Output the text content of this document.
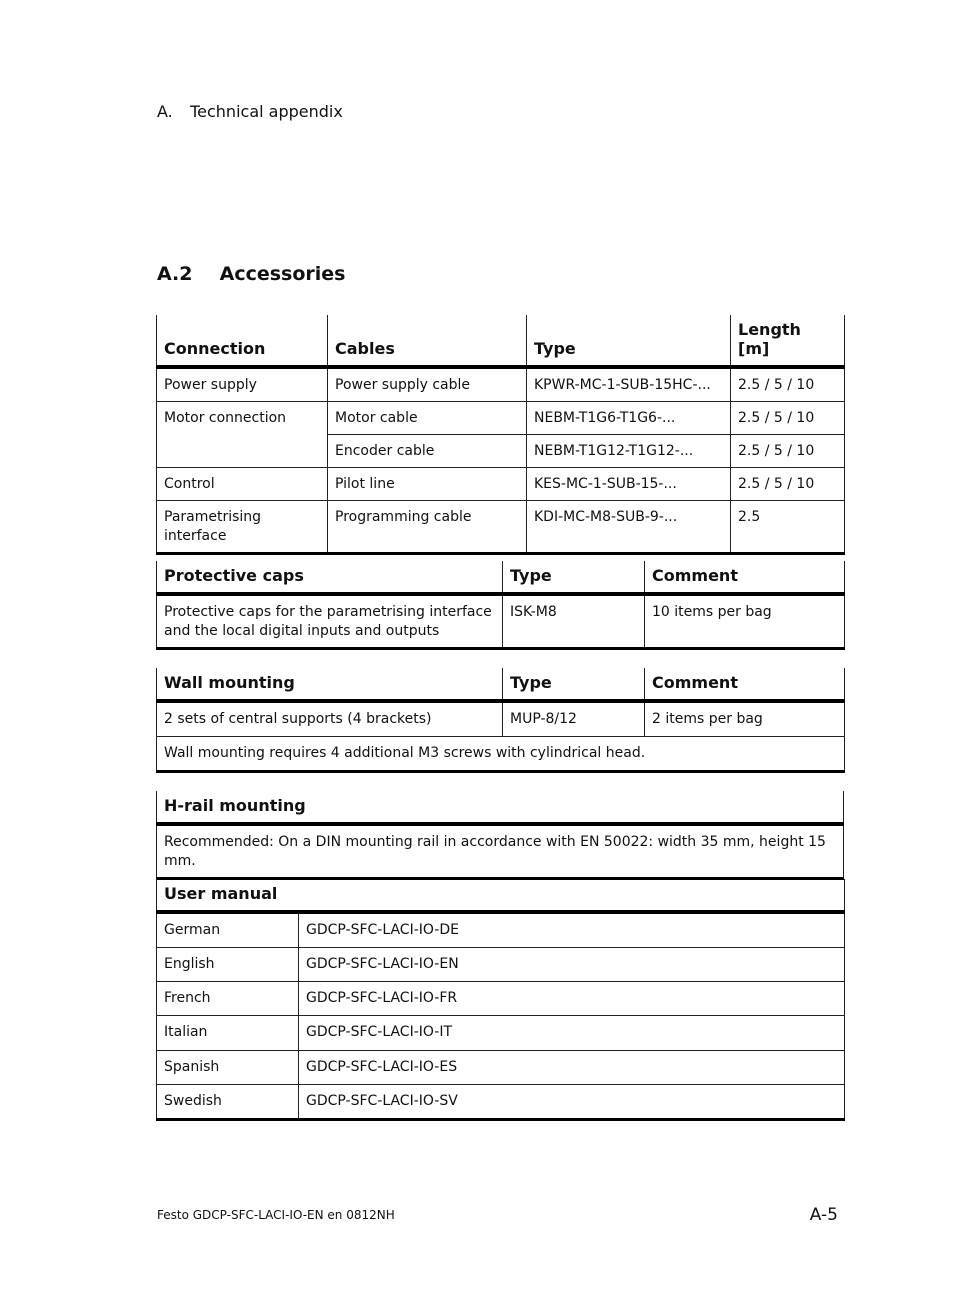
A. Technical appendix
A.2 Accessories
Connection	Cables	Type	Length [m]
Power supply	Power supply cable	KPWR-MC-1-SUB-15HC-...	2.5 / 5 / 10
Motor connection	Motor cable	NEBM-T1G6-T1G6-...	2.5 / 5 / 10
	Encoder cable	NEBM-T1G12-T1G12-...	2.5 / 5 / 10
Control	Pilot line	KES-MC-1-SUB-15-...	2.5 / 5 / 10
Parametrising interface	Programming cable	KDI-MC-M8-SUB-9-...	2.5
Protective caps	Type	Comment
Protective caps for the parametrising interface and the local digital inputs and outputs	ISK-M8	10 items per bag
Wall mounting	Type	Comment
2 sets of central supports (4 brackets)	MUP-8/12	2 items per bag
Wall mounting requires 4 additional M3 screws with cylindrical head.		
H-rail mounting
Recommended: On a DIN mounting rail in accordance with EN 50022: width 35 mm, height 15 mm.
User manual	
German	GDCP-SFC-LACI-IO-DE
English	GDCP-SFC-LACI-IO-EN
French	GDCP-SFC-LACI-IO-FR
Italian	GDCP-SFC-LACI-IO-IT
Spanish	GDCP-SFC-LACI-IO-ES
Swedish	GDCP-SFC-LACI-IO-SV
Festo GDCP-SFC-LACI-IO-EN en 0812NH	A-5
